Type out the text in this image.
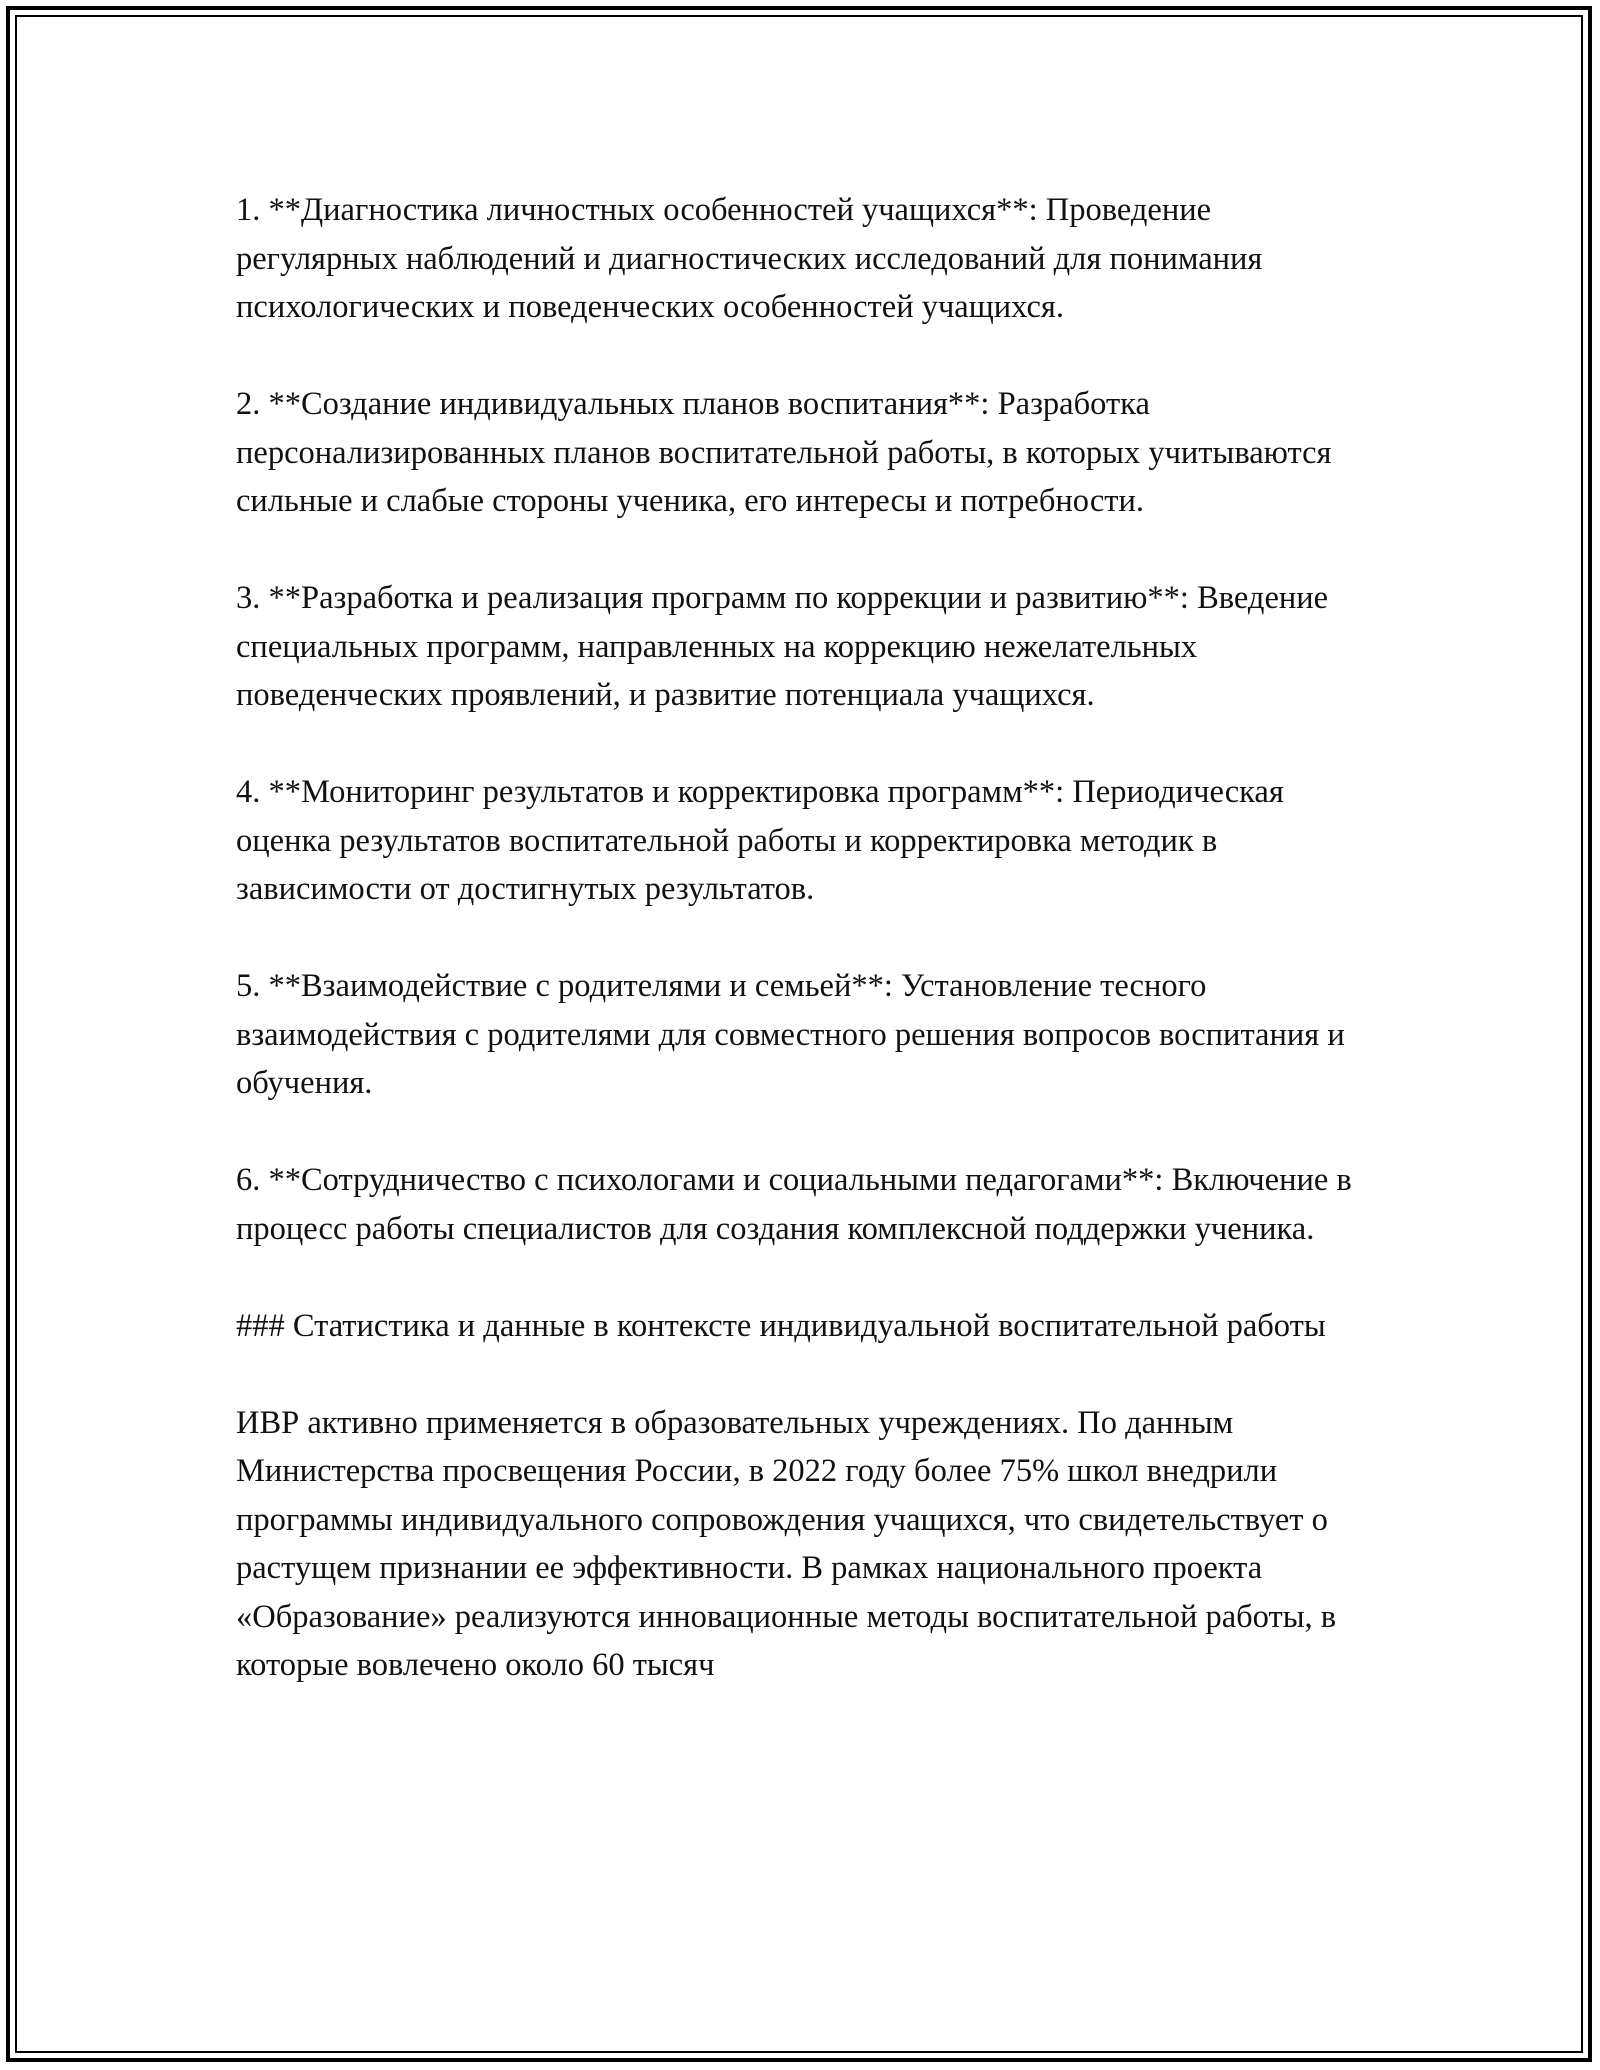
1. **Диагностика личностных особенностей учащихся**: Проведение регулярных наблюдений и диагностических исследований для понимания психологических и поведенческих особенностей учащихся.

2. **Создание индивидуальных планов воспитания**: Разработка персонализированных планов воспитательной работы, в которых учитываются сильные и слабые стороны ученика, его интересы и потребности.

3. **Разработка и реализация программ по коррекции и развитию**: Введение специальных программ, направленных на коррекцию нежелательных поведенческих проявлений, и развитие потенциала учащихся.

4. **Мониторинг результатов и корректировка программ**: Периодическая оценка результатов воспитательной работы и корректировка методик в зависимости от достигнутых результатов.

5. **Взаимодействие с родителями и семьей**: Установление тесного взаимодействия с родителями для совместного решения вопросов воспитания и обучения.

6. **Сотрудничество с психологами и социальными педагогами**: Включение в процесс работы специалистов для создания комплексной поддержки ученика.

### Статистика и данные в контексте индивидуальной воспитательной работы

ИВР активно применяется в образовательных учреждениях. По данным Министерства просвещения России, в 2022 году более 75% школ внедрили программы индивидуального сопровождения учащихся, что свидетельствует о растущем признании ее эффективности. В рамках национального проекта «Образование» реализуются инновационные методы воспитательной работы, в которые вовлечено около 60 тысяч
